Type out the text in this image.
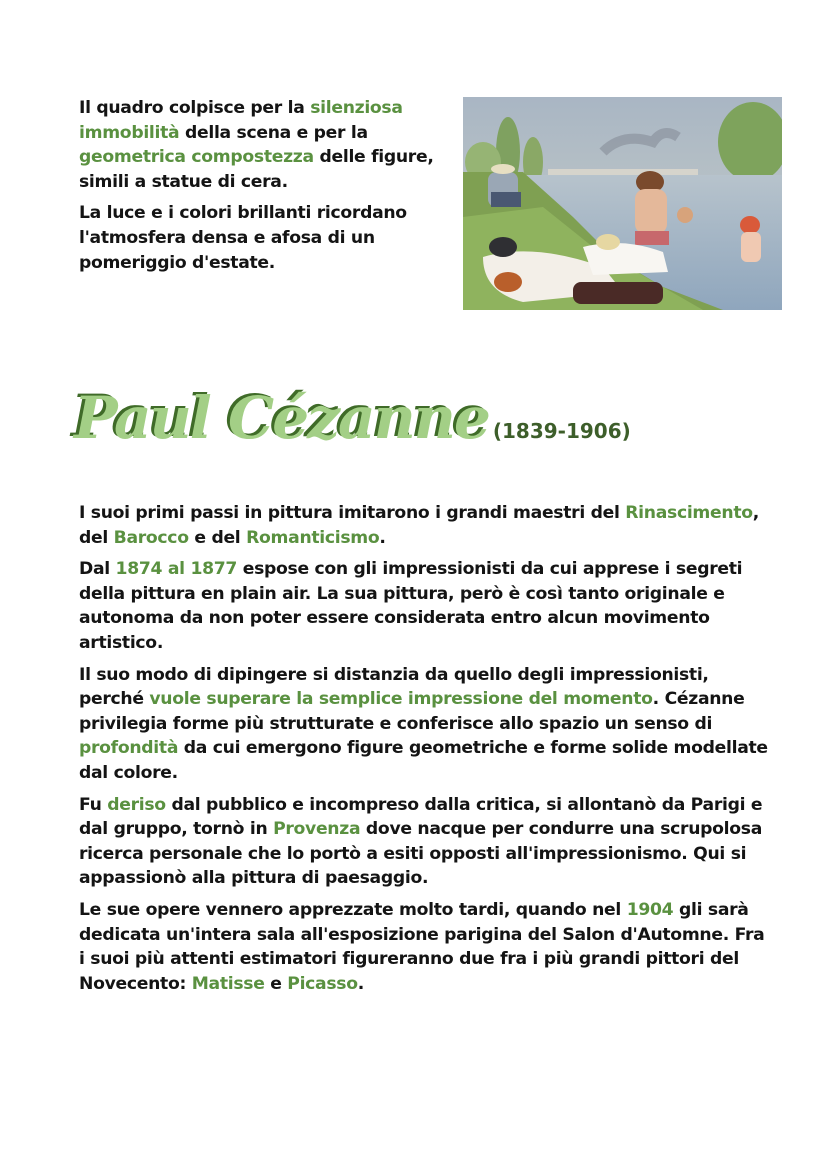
Il quadro colpisce per la silenziosa immobilità della scena e per la geometrica compostezza delle figure, simili a statue di cera.

La luce e i colori brillanti ricordano l'atmosfera densa e afosa di un pomeriggio d'estate.

Paul Cézanne (1839-1906)

I suoi primi passi in pittura imitarono i grandi maestri del Rinascimento, del Barocco e del Romanticismo.

Dal 1874 al 1877 espose con gli impressionisti da cui apprese i segreti della pittura en plain air. La sua pittura, però è così tanto originale e autonoma da non poter essere considerata entro alcun movimento artistico.

Il suo modo di dipingere si distanzia da quello degli impressionisti, perché vuole superare la semplice impressione del momento. Cézanne privilegia forme più strutturate e conferisce allo spazio un senso di profondità da cui emergono figure geometriche e forme solide modellate dal colore.

Fu deriso dal pubblico e incompreso dalla critica, si allontanò da Parigi e dal gruppo, tornò in Provenza dove nacque per condurre una scrupolosa ricerca personale che lo portò a esiti opposti all'impressionismo. Qui si appassionò alla pittura di paesaggio.

Le sue opere vennero apprezzate molto tardi, quando nel 1904 gli sarà dedicata un'intera sala all'esposizione parigina del Salon d'Automne. Fra i suoi più attenti estimatori figureranno due fra i più grandi pittori del Novecento: Matisse e Picasso.
